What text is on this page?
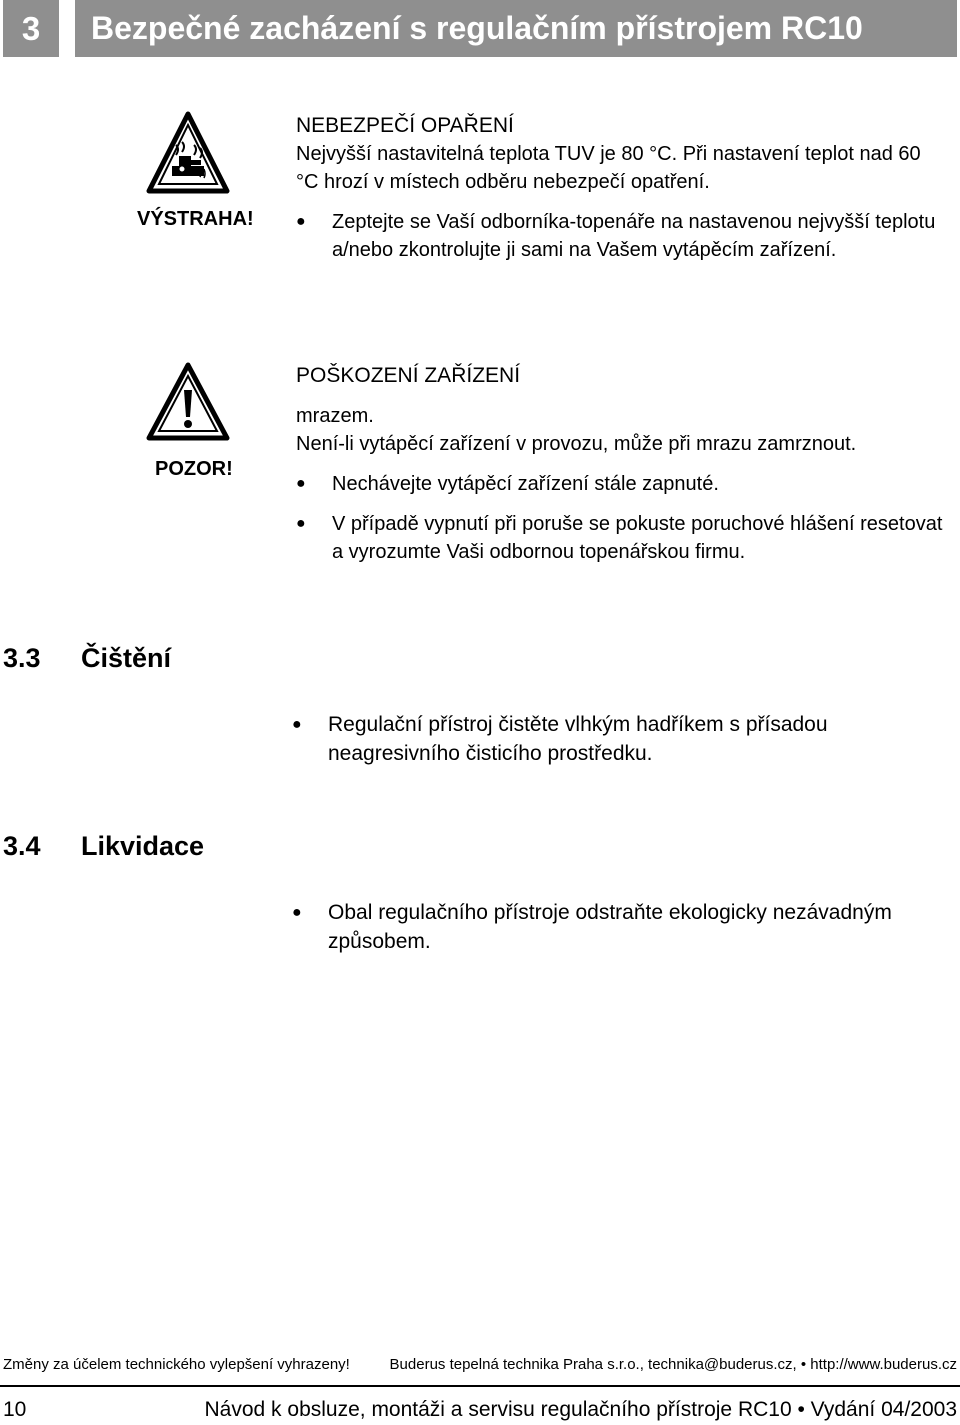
3	Bezpečné zacházení s regulačním přístrojem RC10
VÝSTRAHA!

NEBEZPEČÍ OPAŘENÍ

Nejvyšší nastavitelná teplota TUV je 80 °C. Při nastavení teplot nad 60 °C hrozí v místech odběru nebezpečí opatření.

●	Zeptejte se Vaší odborníka-topenáře na nastavenou nejvyšší teplotu a/nebo zkontrolujte ji sami na Vašem vytápěcím zařízení.
POZOR!

POŠKOZENÍ ZAŘÍZENÍ

mrazem.

Není-li vytápěcí zařízení v provozu, může při mrazu zamrznout.

●	Nechávejte vytápěcí zařízení stále zapnuté.
●	V případě vypnutí při poruše se pokuste poruchové hlášení resetovat a vyrozumte Vaši odbornou topenářskou firmu.
3.3	Čištění
●	Regulační přístroj čistěte vlhkým hadříkem s přísadou neagresivního čisticího prostředku.
3.4	Likvidace
●	Obal regulačního přístroje odstraňte ekologicky nezávadným způsobem.
Změny za účelem technického vylepšení vyhrazeny!	Buderus tepelná technika Praha s.r.o., technika@buderus.cz, • http://www.buderus.cz
10	Návod k obsluze, montáži a servisu regulačního přístroje RC10 • Vydání 04/2003
